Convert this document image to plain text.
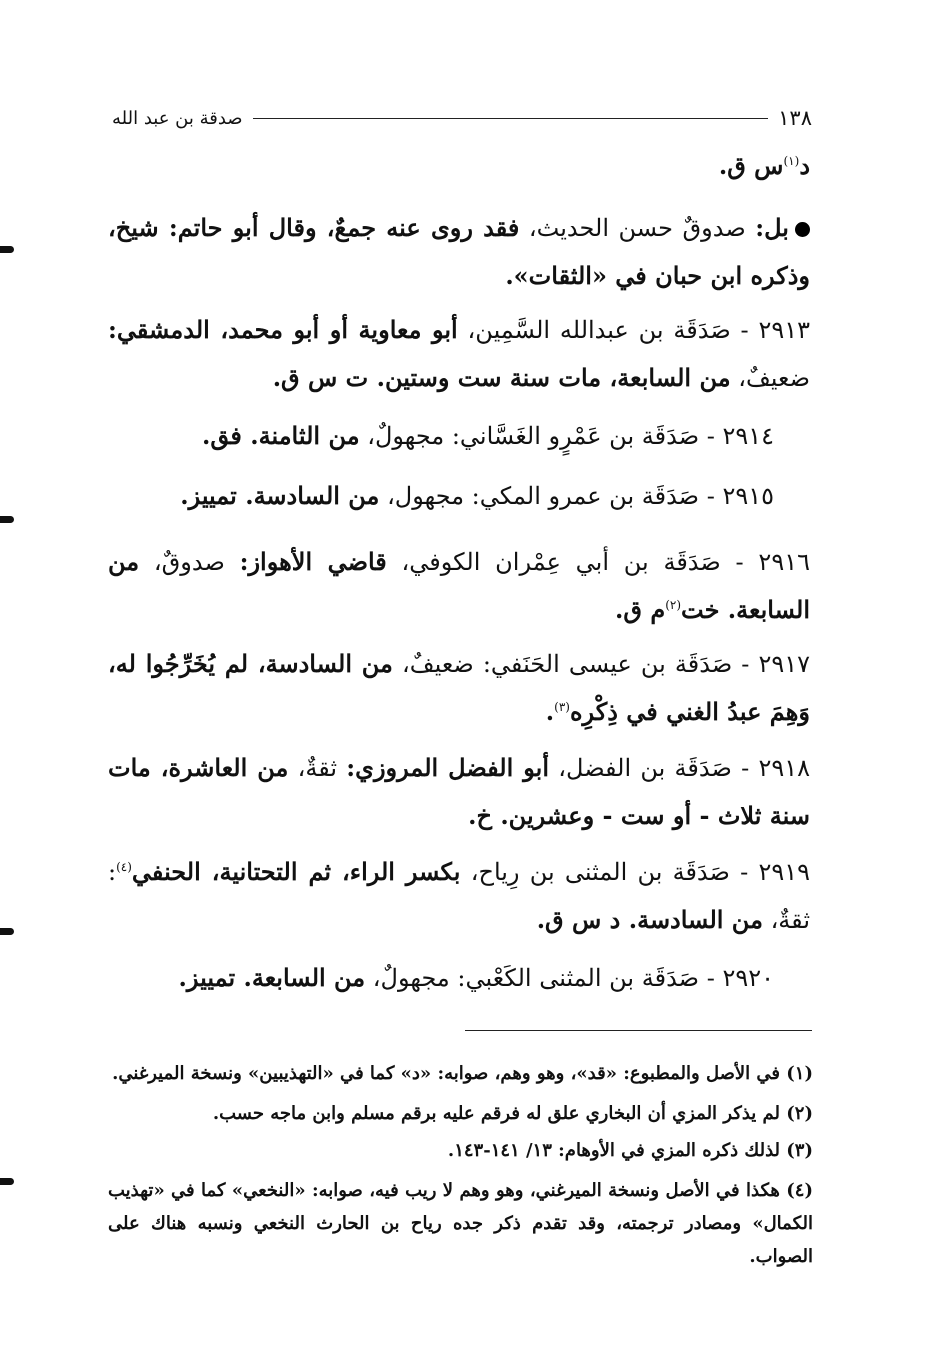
١٣٨
صدقة بن عبد الله
د$^{(١)}$س ق.
بل: صدوقٌ حسن الحديث، فقد روى عنه جمعٌ، وقال أبو حاتم: شيخ، وذكره ابن حبان في «الثقات».
٢٩١٣ - صَدَقَة بن عبدالله السَّمِين، أبو معاوية أو أبو محمد، الدمشقي: ضعيفٌ، من السابعة، مات سنة ست وستين. ت س ق.
٢٩١٤ - صَدَقَة بن عَمْرٍو الغَسَّاني: مجهولٌ، من الثامنة. فق.
٢٩١٥ - صَدَقَة بن عمرو المكي: مجهول، من السادسة. تمييز.
٢٩١٦ - صَدَقَة بن أبي عِمْران الكوفي، قاضي الأهواز: صدوقٌ، من السابعة. خت$^{(٢)}$م ق.
٢٩١٧ - صَدَقَة بن عيسى الحَنَفي: ضعيفٌ، من السادسة، لم يُخَرِّجُوا له، وَهِمَ عبدُ الغني في ذِكْرِه$^{(٣)}$.
٢٩١٨ - صَدَقَة بن الفضل، أبو الفضل المروزي: ثقةٌ، من العاشرة، مات سنة ثلاث - أو ست - وعشرين. خ.
٢٩١٩ - صَدَقَة بن المثنى بن رِياح، بكسر الراء، ثم التحتانية، الحنفي$^{(٤)}$: ثقةٌ، من السادسة. د س ق.
٢٩٢٠ - صَدَقَة بن المثنى الكَعْبي: مجهولٌ، من السابعة. تمييز.
(١) في الأصل والمطبوع: «قد»، وهو وهم، صوابه: «د» كما في «التهذيبين» ونسخة الميرغني.
(٢) لم يذكر المزي أن البخاري علق له فرقم عليه برقم مسلم وابن ماجه حسب.
(٣) لذلك ذكره المزي في الأوهام: ١٣/ ١٤١-١٤٣.
(٤) هكذا في الأصل ونسخة الميرغني، وهو وهم لا ريب فيه، صوابه: «النخعي» كما في «تهذيب الكمال» ومصادر ترجمته، وقد تقدم ذكر جده رياح بن الحارث النخعي ونسبه هناك على الصواب.
